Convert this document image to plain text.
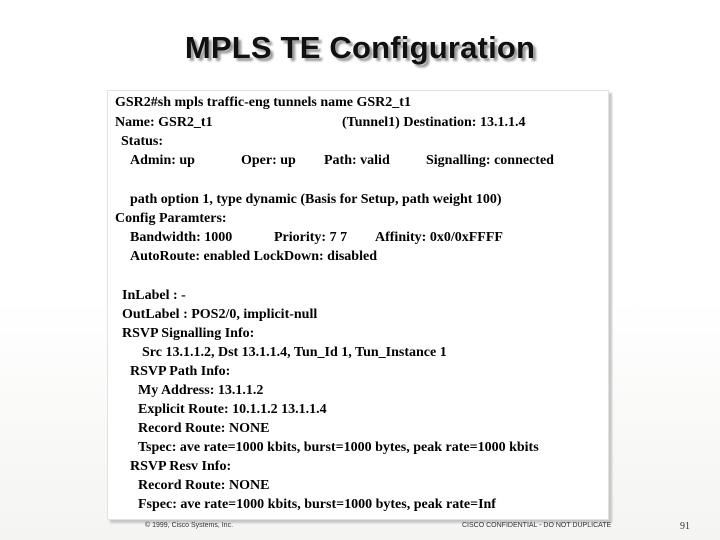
MPLS TE Configuration
GSR2#sh mpls traffic-eng tunnels name GSR2_t1
Name: GSR2_t1	(Tunnel1) Destination: 13.1.1.4
Status:
Admin: up	Oper: up Path: valid	Signalling: connected
path option 1, type dynamic (Basis for Setup, path weight 100)
Config Paramters:
Bandwidth: 1000	Priority: 7 7 Affinity: 0x0/0xFFFF
AutoRoute: enabled LockDown: disabled
InLabel : -
OutLabel : POS2/0, implicit-null
RSVP Signalling Info:
Src 13.1.1.2, Dst 13.1.1.4, Tun_Id 1, Tun_Instance 1
RSVP Path Info:
My Address: 13.1.1.2
Explicit Route: 10.1.1.2 13.1.1.4
Record Route: NONE
Tspec: ave rate=1000 kbits, burst=1000 bytes, peak rate=1000 kbits
RSVP Resv Info:
Record Route: NONE
Fspec: ave rate=1000 kbits, burst=1000 bytes, peak rate=Inf
© 1999, Cisco Systems, Inc.	CISCO CONFIDENTIAL - DO NOT DUPLICATE	91
